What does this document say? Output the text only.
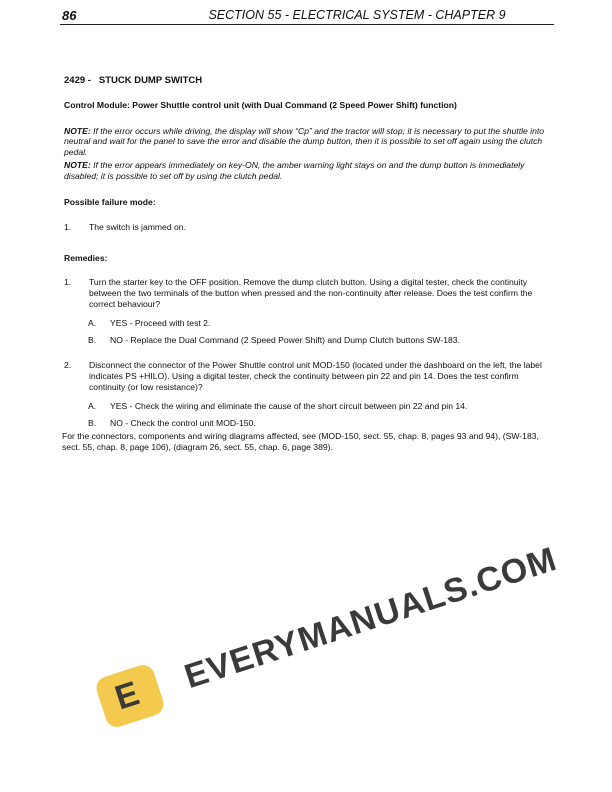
86	SECTION 55 - ELECTRICAL SYSTEM - CHAPTER 9
2429 -   STUCK DUMP SWITCH
Control Module: Power Shuttle control unit (with Dual Command (2 Speed Power Shift) function)
NOTE: If the error occurs while driving, the display will show “Cp” and the tractor will stop; it is necessary to put the shuttle into neutral and wait for the panel to save the error and disable the dump button, then it is possible to set off again using the clutch pedal.
NOTE: If the error appears immediately on key-ON, the amber warning light stays on and the dump button is immediately disabled; it is possible to set off by using the clutch pedal.
Possible failure mode:
1.	The switch is jammed on.
Remedies:
1.	Turn the starter key to the OFF position. Remove the dump clutch button. Using a digital tester, check the continuity between the two terminals of the button when pressed and the non-continuity after release. Does the test confirm the correct behaviour?
A.	YES - Proceed with test 2.
B.	NO - Replace the Dual Command (2 Speed Power Shift) and Dump Clutch buttons SW-183.
2.	Disconnect the connector of the Power Shuttle control unit MOD-150 (located under the dashboard on the left, the label indicates PS +HILO). Using a digital tester, check the continuity between pin 22 and pin 14. Does the test confirm continuity (or low resistance)?
A.	YES - Check the wiring and eliminate the cause of the short circuit between pin 22 and pin 14.
B.	NO - Check the control unit MOD-150.
For the connectors, components and wiring diagrams affected, see (MOD-150, sect. 55, chap. 8, pages 93 and 94), (SW-183, sect. 55, chap. 8, page 106), (diagram 26, sect. 55, chap. 6, page 389).
E EVERYMANUALS.COM
